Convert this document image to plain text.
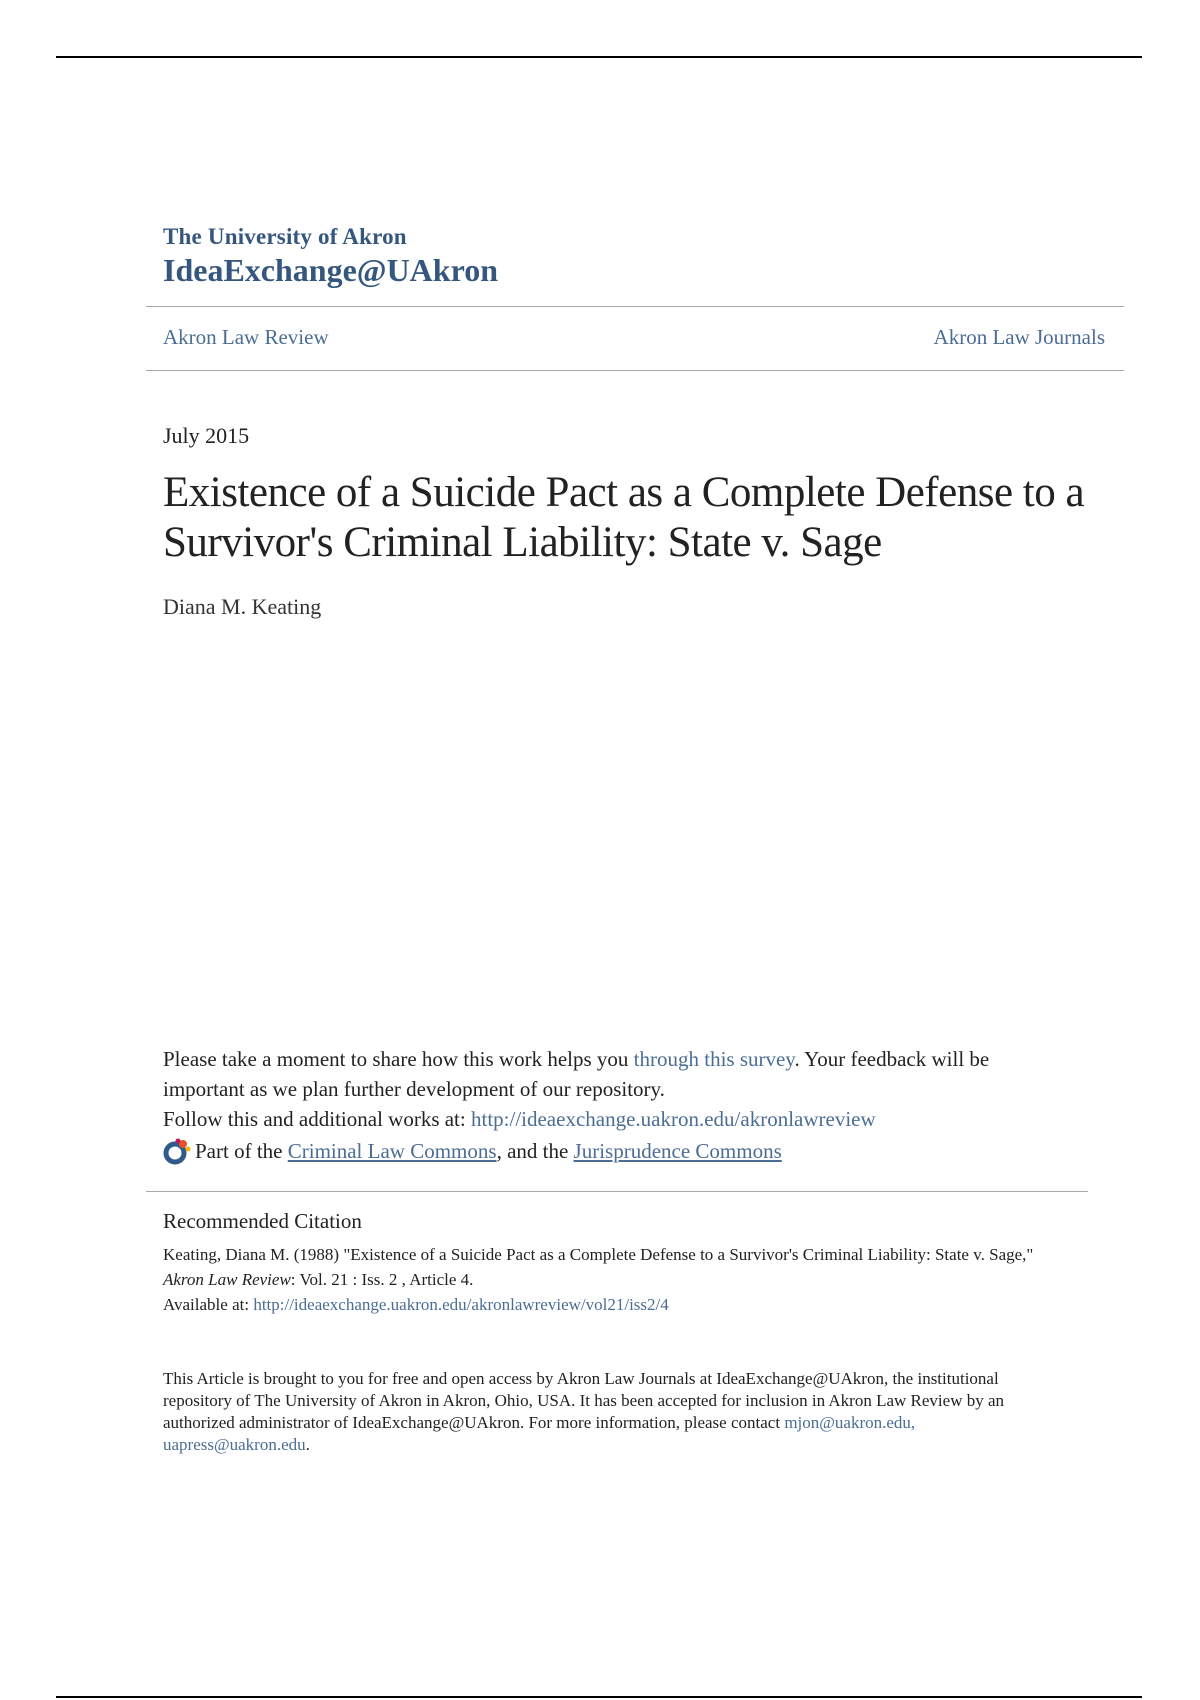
The University of Akron
IdeaExchange@UAkron
Akron Law Review	Akron Law Journals
July 2015
Existence of a Suicide Pact as a Complete Defense to a Survivor's Criminal Liability: State v. Sage
Diana M. Keating
Please take a moment to share how this work helps you through this survey. Your feedback will be important as we plan further development of our repository.
Follow this and additional works at: http://ideaexchange.uakron.edu/akronlawreview
Part of the
Criminal Law Commons , and the
Jurisprudence Commons
Recommended Citation
Keating, Diana M. (1988) "Existence of a Suicide Pact as a Complete Defense to a Survivor's Criminal Liability: State v. Sage," Akron Law Review: Vol. 21 : Iss. 2 , Article 4.
Available at: http://ideaexchange.uakron.edu/akronlawreview/vol21/iss2/4
This Article is brought to you for free and open access by Akron Law Journals at IdeaExchange@UAkron, the institutional repository of The University of Akron in Akron, Ohio, USA. It has been accepted for inclusion in Akron Law Review by an authorized administrator of IdeaExchange@UAkron. For more information, please contact mjon@uakron.edu, uapress@uakron.edu.
